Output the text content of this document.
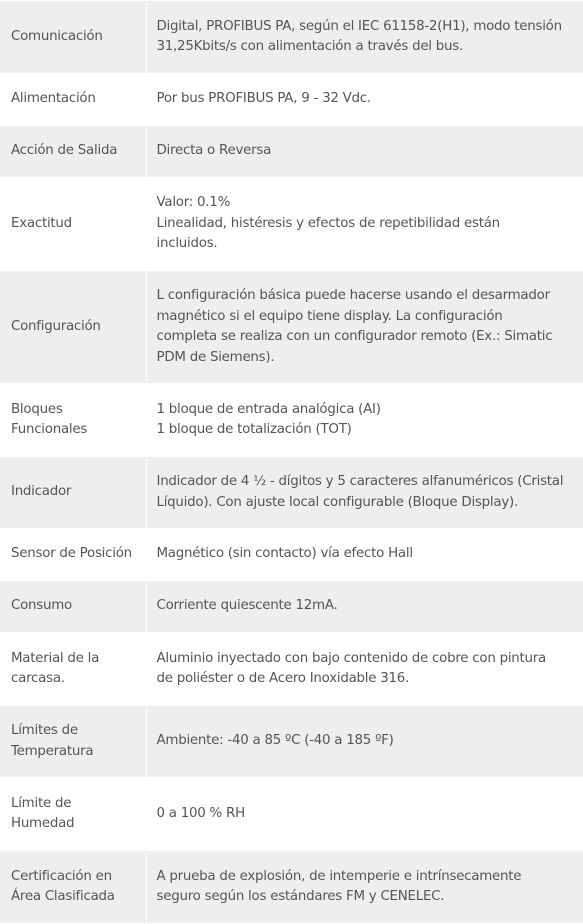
Comunicación	Digital, PROFIBUS PA, según el IEC 61158-2(H1), modo tensión
31,25Kbits/s con alimentación a través del bus.

Alimentación	Por bus PROFIBUS PA, 9 - 32 Vdc.

Acción de Salida	Directa o Reversa

Exactitud	Valor: 0.1%
Linealidad, histéresis y efectos de repetibilidad están
incluidos.

Configuración	L configuración básica puede hacerse usando el desarmador
magnético si el equipo tiene display. La configuración
completa se realiza con un configurador remoto (Ex.: Simatic
PDM de Siemens).

Bloques
Funcionales	1 bloque de entrada analógica (AI)
1 bloque de totalización (TOT)

Indicador	Indicador de 4 ½ - dígitos y 5 caracteres alfanuméricos (Cristal
Líquido). Con ajuste local configurable (Bloque Display).

Sensor de Posición	Magnético (sin contacto) vía efecto Hall

Consumo	Corriente quiescente 12mA.

Material de la
carcasa.	Aluminio inyectado con bajo contenido de cobre con pintura
de poliéster o de Acero Inoxidable 316.

Límites de
Temperatura	Ambiente: -40 a 85 ºC (-40 a 185 ºF)

Límite de
Humedad	0 a 100 % RH

Certificación en
Área Clasificada	A prueba de explosión, de intemperie e intrínsecamente
seguro según los estándares FM y CENELEC.
